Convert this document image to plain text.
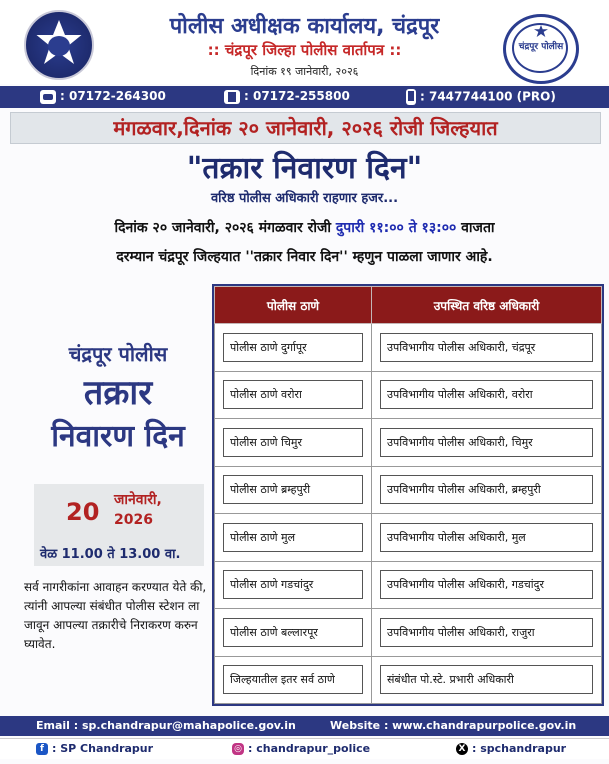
पोलीस अधीक्षक कार्यालय, चंद्रपूर
:: चंद्रपूर जिल्हा पोलीस वार्तापत्र ::
दिनांक १९ जानेवारी, २०२६
चंद्रपूर पोलीस
: 07172-264300	: 07172-255800	: 7447744100 (PRO)
मंगळवार,दिनांक २० जानेवारी, २०२६ रोजी जिल्हयात
"तक्रार निवारण दिन"
वरिष्ठ पोलीस अधिकारी राहणार हजर...
दिनांक २० जानेवारी, २०२६ मंगळवार रोजी दुपारी ११:०० ते १३:०० वाजता
दरम्यान चंद्रपूर जिल्हयात ''तक्रार निवार दिन'' म्हणुन पाळला जाणार आहे.
चंद्रपूर पोलीस
तक्रार
निवारण दिन
20 जानेवारी,
2026
वेळ 11.00 ते 13.00 वा.
सर्व नागरीकांना आवाहन करण्यात येते की, त्यांनी आपल्या संबंधीत पोलीस स्टेशन ला जावून आपल्या तक्रारीचे निराकरण करुन घ्यावेत.
पोलीस ठाणे	उपस्थित वरिष्ठ अधिकारी

पोलीस ठाणे दुर्गापूर	उपविभागीय पोलीस अधिकारी, चंद्रपूर

पोलीस ठाणे वरोरा	उपविभागीय पोलीस अधिकारी, वरोरा

पोलीस ठाणे चिमुर	उपविभागीय पोलीस अधिकारी, चिमुर

पोलीस ठाणे ब्रम्हपुरी	उपविभागीय पोलीस अधिकारी, ब्रम्हपुरी

पोलीस ठाणे मुल	उपविभागीय पोलीस अधिकारी, मुल

पोलीस ठाणे गडचांदुर	उपविभागीय पोलीस अधिकारी, गडचांदुर

पोलीस ठाणे बल्लारपूर	उपविभागीय पोलीस अधिकारी, राजुरा

जिल्हयातील इतर सर्व ठाणे	संबंधीत पो.स्टे. प्रभारी अधिकारी
Email : sp.chandrapur@mahapolice.gov.in	Website : www.chandrapurpolice.gov.in
f : SP Chandrapur	◎ : chandrapur_police	X : spchandrapur
